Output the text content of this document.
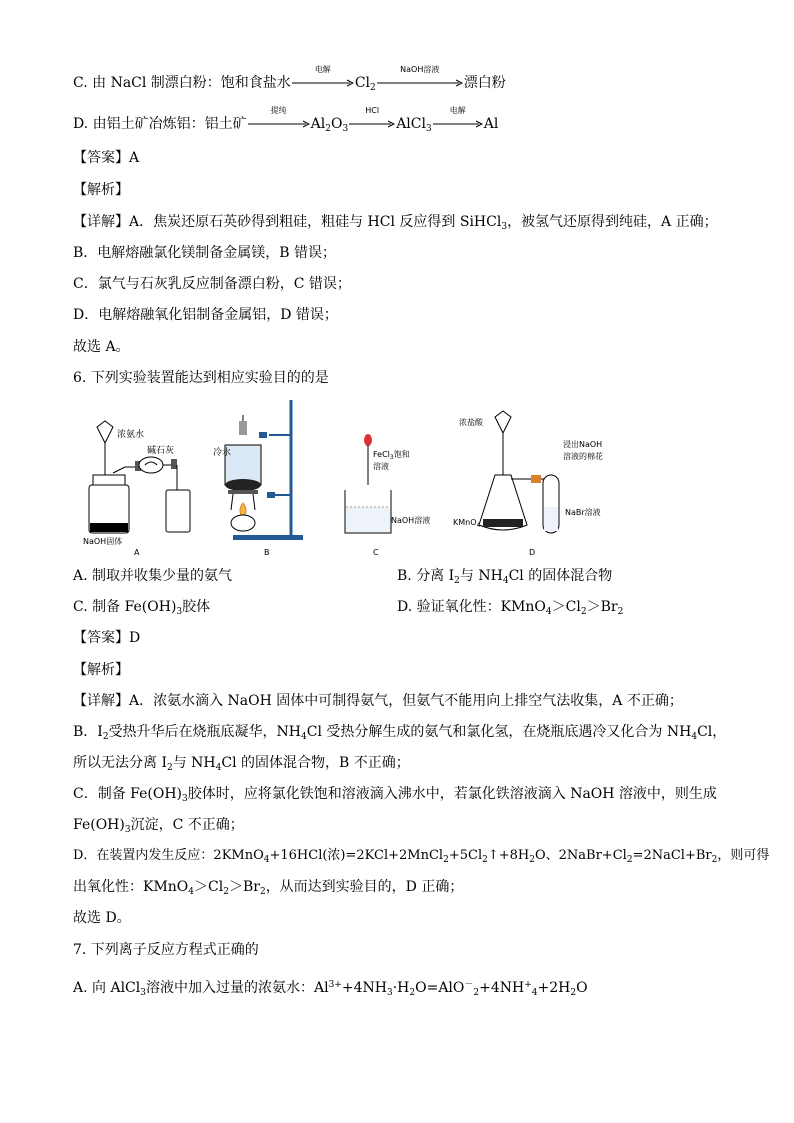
C. 由 NaCl 制漂白粉：饱和食盐水
电解
$Cl_2$
NaOH溶液
漂白粉
D. 由铝土矿冶炼铝：铝土矿
提纯
$Al_2O_3$
HCl
AlCl$_3$
电解
Al
【答案】A
【解析】
【详解】A．焦炭还原石英砂得到粗硅，粗硅与 HCl 反应得到 SiHCl$_3$，被氢气还原得到纯硅，A 正确；
B．电解熔融氯化镁制备金属镁，B 错误；
C．氯气与石灰乳反应制备漂白粉，C 错误；
D．电解熔融氧化铝制备金属铝，D 错误；
故选 A。
6. 下列实验装置能达到相应实验目的的是
浓氨水
碱石灰
NaOH固体
A
冷水
B
FeCl$_3$饱和
溶液
NaOH溶液
C
浓盐酸
浸出NaOH
溶液的棉花
NaBr溶液
KMnO$_4$
D
A. 制取并收集少量的氨气	B. 分离 $I_2$与 $NH_4Cl$ 的固体混合物
C. 制备 $Fe(OH)_3$胶体	D. 验证氧化性：$KMnO_4>Cl_2>Br_2$
【答案】D
【解析】
【详解】A．浓氨水滴入 NaOH 固体中可制得氨气，但氨气不能用向上排空气法收集，A 不正确；
B．$I_2$受热升华后在烧瓶底凝华，$NH_4Cl$ 受热分解生成的氨气和氯化氢，在烧瓶底遇冷又化合为 $NH_4Cl$，
所以无法分离 $I_2$与 $NH_4Cl$ 的固体混合物，B 不正确；
C．制备 $Fe(OH)_3$胶体时，应将氯化铁饱和溶液滴入沸水中，若氯化铁溶液滴入 NaOH 溶液中，则生成
$Fe(OH)_3$沉淀，C 不正确；
D．在装置内发生反应：2KMnO$_4$+16HCl(浓)$=2KCl+2MnCl_2+5Cl_2↑+8H_2O$、$2NaBr+Cl_2=2NaCl+Br_2$，则可得
出氧化性：$KMnO_4>Cl_2>Br_2$，从而达到实验目的，D 正确；
故选 D。
7. 下列离子反应方程式正确的
A. 向 AlCl$_3$溶液中加入过量的浓氨水：$Al^{3+}+4NH_3\cdot H_2O=AlO^-_2+4NH^+_4+2H_2O$
